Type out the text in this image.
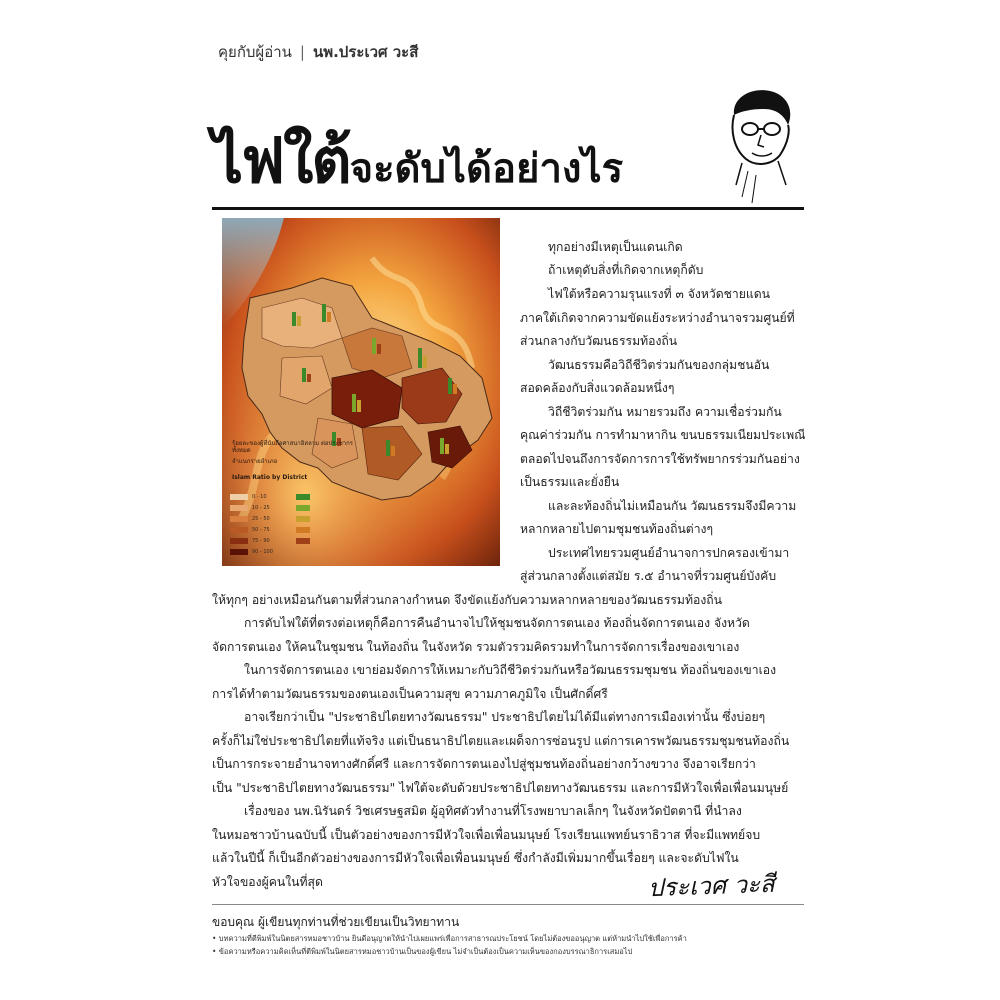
คุยกับผู้อ่าน | นพ.ประเวศ วะสี
ไฟใต้จะดับได้อย่างไร
ร้อยละของผู้ที่นับถือศาสนาอิสลาม ต่อประชากรทั้งหมด
จำแนกรายอำเภอ
Islam Ratio by District
0 - 10
10 - 25
25 - 50
50 - 75
75 - 90
90 - 100
ทุกอย่างมีเหตุเป็นแดนเกิด
ถ้าเหตุดับสิ่งที่เกิดจากเหตุก็ดับ
ไฟใต้หรือความรุนแรงที่ ๓ จังหวัดชายแดน
ภาคใต้เกิดจากความขัดแย้งระหว่างอำนาจรวมศูนย์ที่
ส่วนกลางกับวัฒนธรรมท้องถิ่น
วัฒนธรรมคือวิถีชีวิตร่วมกันของกลุ่มชนอัน
สอดคล้องกับสิ่งแวดล้อมหนึ่งๆ
วิถีชีวิตร่วมกัน หมายรวมถึง ความเชื่อร่วมกัน
คุณค่าร่วมกัน การทำมาหากิน ขนบธรรมเนียมประเพณี
ตลอดไปจนถึงการจัดการการใช้ทรัพยากรร่วมกันอย่าง
เป็นธรรมและยั่งยืน
และละท้องถิ่นไม่เหมือนกัน วัฒนธรรมจึงมีความ
หลากหลายไปตามชุมชนท้องถิ่นต่างๆ
ประเทศไทยรวมศูนย์อำนาจการปกครองเข้ามา
สู่ส่วนกลางตั้งแต่สมัย ร.๕ อำนาจที่รวมศูนย์บังคับ
ให้ทุกๆ อย่างเหมือนกันตามที่ส่วนกลางกำหนด จึงขัดแย้งกับความหลากหลายของวัฒนธรรมท้องถิ่น
การดับไฟใต้ที่ตรงต่อเหตุก็คือการคืนอำนาจไปให้ชุมชนจัดการตนเอง ท้องถิ่นจัดการตนเอง จังหวัด
จัดการตนเอง ให้คนในชุมชน ในท้องถิ่น ในจังหวัด รวมตัวรวมคิดรวมทำในการจัดการเรื่องของเขาเอง
ในการจัดการตนเอง เขาย่อมจัดการให้เหมาะกับวิถีชีวิตร่วมกันหรือวัฒนธรรมชุมชน ท้องถิ่นของเขาเอง
การได้ทำตามวัฒนธรรมของตนเองเป็นความสุข ความภาคภูมิใจ เป็นศักดิ์ศรี
อาจเรียกว่าเป็น "ประชาธิปไตยทางวัฒนธรรม" ประชาธิปไตยไม่ได้มีแต่ทางการเมืองเท่านั้น ซึ่งบ่อยๆ
ครั้งก็ไม่ใช่ประชาธิปไตยที่แท้จริง แต่เป็นธนาธิปไตยและเผด็จการซ่อนรูป แต่การเคารพวัฒนธรรมชุมชนท้องถิ่น
เป็นการกระจายอำนาจทางศักดิ์ศรี และการจัดการตนเองไปสู่ชุมชนท้องถิ่นอย่างกว้างขวาง จึงอาจเรียกว่า
เป็น "ประชาธิปไตยทางวัฒนธรรม" ไฟใต้จะดับด้วยประชาธิปไตยทางวัฒนธรรม และการมีหัวใจเพื่อเพื่อนมนุษย์
เรื่องของ นพ.นิรันดร์ วิชเศรษฐสมิต ผู้อุทิศตัวทำงานที่โรงพยาบาลเล็กๆ ในจังหวัดปัตตานี ที่นำลง
ในหมอชาวบ้านฉบับนี้ เป็นตัวอย่างของการมีหัวใจเพื่อเพื่อนมนุษย์ โรงเรียนแพทย์นราธิวาส ที่จะมีแพทย์จบ
แล้วในปีนี้ ก็เป็นอีกตัวอย่างของการมีหัวใจเพื่อเพื่อนมนุษย์ ซึ่งกำลังมีเพิ่มมากขึ้นเรื่อยๆ และจะดับไฟใน
หัวใจของผู้คนในที่สุด	ประเวศ วะสี
ขอบคุณ ผู้เขียนทุกท่านที่ช่วยเขียนเป็นวิทยาทาน
• บทความที่ตีพิมพ์ในนิตยสารหมอชาวบ้าน ยินดีอนุญาตให้นำไปเผยแพร่เพื่อการสาธารณประโยชน์ โดยไม่ต้องขออนุญาต แต่ห้ามนำไปใช้เพื่อการค้า
• ข้อความหรือความคิดเห็นที่ตีพิมพ์ในนิตยสารหมอชาวบ้านเป็นของผู้เขียน ไม่จำเป็นต้องเป็นความเห็นของกองบรรณาธิการเสมอไป
